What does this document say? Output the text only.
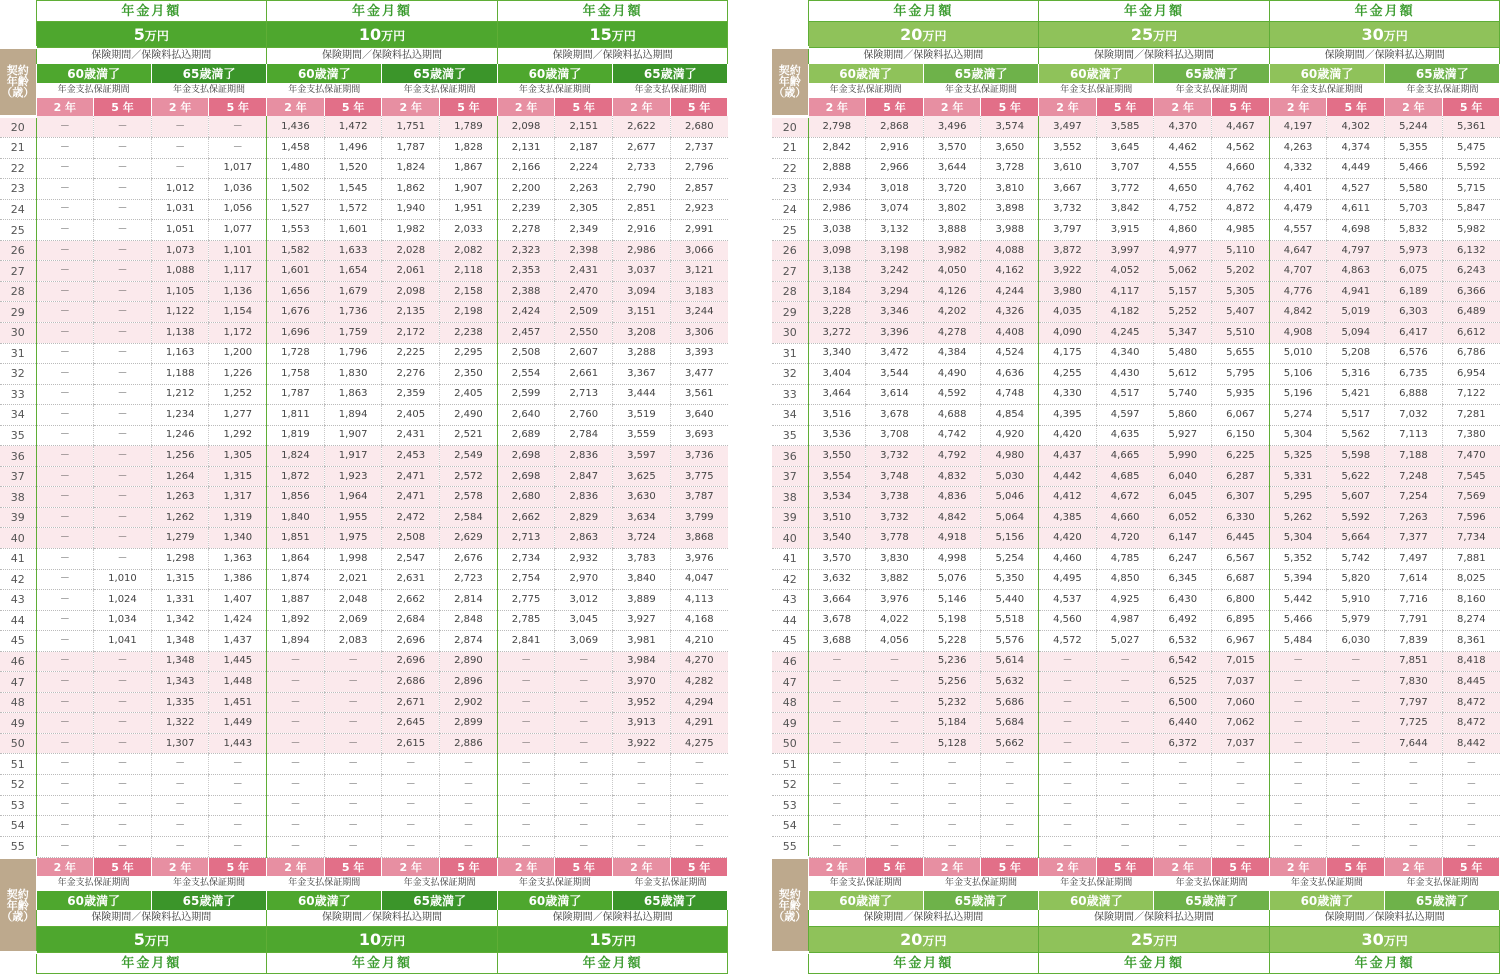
	年金月額				年金月額				年金月額			
	5万円				10万円				15万円			

契約
年齢
（歳）	保険期間／保険料払込期間				保険期間／保険料払込期間				保険期間／保険料払込期間			
	60歳満了		65歳満了		60歳満了		65歳満了		60歳満了		65歳満了	
	年金支払保証期間		年金支払保証期間		年金支払保証期間		年金支払保証期間		年金支払保証期間		年金支払保証期間	
	2 年	5 年	2 年	5 年	2 年	5 年	2 年	5 年	2 年	5 年	2 年	5 年
20	－	－	－	－	1,436	1,472	1,751	1,789	2,098	2,151	2,622	2,680
21	－	－	－	－	1,458	1,496	1,787	1,828	2,131	2,187	2,677	2,737
22	－	－	－	1,017	1,480	1,520	1,824	1,867	2,166	2,224	2,733	2,796
23	－	－	1,012	1,036	1,502	1,545	1,862	1,907	2,200	2,263	2,790	2,857
24	－	－	1,031	1,056	1,527	1,572	1,940	1,951	2,239	2,305	2,851	2,923
25	－	－	1,051	1,077	1,553	1,601	1,982	2,033	2,278	2,349	2,916	2,991
26	－	－	1,073	1,101	1,582	1,633	2,028	2,082	2,323	2,398	2,986	3,066
27	－	－	1,088	1,117	1,601	1,654	2,061	2,118	2,353	2,431	3,037	3,121
28	－	－	1,105	1,136	1,656	1,679	2,098	2,158	2,388	2,470	3,094	3,183
29	－	－	1,122	1,154	1,676	1,736	2,135	2,198	2,424	2,509	3,151	3,244
30	－	－	1,138	1,172	1,696	1,759	2,172	2,238	2,457	2,550	3,208	3,306
31	－	－	1,163	1,200	1,728	1,796	2,225	2,295	2,508	2,607	3,288	3,393
32	－	－	1,188	1,226	1,758	1,830	2,276	2,350	2,554	2,661	3,367	3,477
33	－	－	1,212	1,252	1,787	1,863	2,359	2,405	2,599	2,713	3,444	3,561
34	－	－	1,234	1,277	1,811	1,894	2,405	2,490	2,640	2,760	3,519	3,640
35	－	－	1,246	1,292	1,819	1,907	2,431	2,521	2,689	2,784	3,559	3,693
36	－	－	1,256	1,305	1,824	1,917	2,453	2,549	2,698	2,836	3,597	3,736
37	－	－	1,264	1,315	1,872	1,923	2,471	2,572	2,698	2,847	3,625	3,775
38	－	－	1,263	1,317	1,856	1,964	2,471	2,578	2,680	2,836	3,630	3,787
39	－	－	1,262	1,319	1,840	1,955	2,472	2,584	2,662	2,829	3,634	3,799
40	－	－	1,279	1,340	1,851	1,975	2,508	2,629	2,713	2,863	3,724	3,868
41	－	－	1,298	1,363	1,864	1,998	2,547	2,676	2,734	2,932	3,783	3,976
42	－	1,010	1,315	1,386	1,874	2,021	2,631	2,723	2,754	2,970	3,840	4,047
43	－	1,024	1,331	1,407	1,887	2,048	2,662	2,814	2,775	3,012	3,889	4,113
44	－	1,034	1,342	1,424	1,892	2,069	2,684	2,848	2,785	3,045	3,927	4,168
45	－	1,041	1,348	1,437	1,894	2,083	2,696	2,874	2,841	3,069	3,981	4,210
46	－	－	1,348	1,445	－	－	2,696	2,890	－	－	3,984	4,270
47	－	－	1,343	1,448	－	－	2,686	2,896	－	－	3,970	4,282
48	－	－	1,335	1,451	－	－	2,671	2,902	－	－	3,952	4,294
49	－	－	1,322	1,449	－	－	2,645	2,899	－	－	3,913	4,291
50	－	－	1,307	1,443	－	－	2,615	2,886	－	－	3,922	4,275
51	－	－	－	－	－	－	－	－	－	－	－	－
52	－	－	－	－	－	－	－	－	－	－	－	－
53	－	－	－	－	－	－	－	－	－	－	－	－
54	－	－	－	－	－	－	－	－	－	－	－	－
55	－	－	－	－	－	－	－	－	－	－	－	－

契約
年齢
（歳）	2 年	5 年	2 年	5 年	2 年	5 年	2 年	5 年	2 年	5 年	2 年	5 年
	年金支払保証期間		年金支払保証期間		年金支払保証期間		年金支払保証期間		年金支払保証期間		年金支払保証期間	
	60歳満了		65歳満了		60歳満了		65歳満了		60歳満了		65歳満了	
	保険期間／保険料払込期間				保険期間／保険料払込期間				保険期間／保険料払込期間			
	5万円				10万円				15万円			
	年金月額				年金月額				年金月額			
	年金月額				年金月額				年金月額			
	20万円				25万円				30万円			

契約
年齢
（歳）	保険期間／保険料払込期間				保険期間／保険料払込期間				保険期間／保険料払込期間			
	60歳満了		65歳満了		60歳満了		65歳満了		60歳満了		65歳満了	
	年金支払保証期間		年金支払保証期間		年金支払保証期間		年金支払保証期間		年金支払保証期間		年金支払保証期間	
	2 年	5 年	2 年	5 年	2 年	5 年	2 年	5 年	2 年	5 年	2 年	5 年
20	2,798	2,868	3,496	3,574	3,497	3,585	4,370	4,467	4,197	4,302	5,244	5,361
21	2,842	2,916	3,570	3,650	3,552	3,645	4,462	4,562	4,263	4,374	5,355	5,475
22	2,888	2,966	3,644	3,728	3,610	3,707	4,555	4,660	4,332	4,449	5,466	5,592
23	2,934	3,018	3,720	3,810	3,667	3,772	4,650	4,762	4,401	4,527	5,580	5,715
24	2,986	3,074	3,802	3,898	3,732	3,842	4,752	4,872	4,479	4,611	5,703	5,847
25	3,038	3,132	3,888	3,988	3,797	3,915	4,860	4,985	4,557	4,698	5,832	5,982
26	3,098	3,198	3,982	4,088	3,872	3,997	4,977	5,110	4,647	4,797	5,973	6,132
27	3,138	3,242	4,050	4,162	3,922	4,052	5,062	5,202	4,707	4,863	6,075	6,243
28	3,184	3,294	4,126	4,244	3,980	4,117	5,157	5,305	4,776	4,941	6,189	6,366
29	3,228	3,346	4,202	4,326	4,035	4,182	5,252	5,407	4,842	5,019	6,303	6,489
30	3,272	3,396	4,278	4,408	4,090	4,245	5,347	5,510	4,908	5,094	6,417	6,612
31	3,340	3,472	4,384	4,524	4,175	4,340	5,480	5,655	5,010	5,208	6,576	6,786
32	3,404	3,544	4,490	4,636	4,255	4,430	5,612	5,795	5,106	5,316	6,735	6,954
33	3,464	3,614	4,592	4,748	4,330	4,517	5,740	5,935	5,196	5,421	6,888	7,122
34	3,516	3,678	4,688	4,854	4,395	4,597	5,860	6,067	5,274	5,517	7,032	7,281
35	3,536	3,708	4,742	4,920	4,420	4,635	5,927	6,150	5,304	5,562	7,113	7,380
36	3,550	3,732	4,792	4,980	4,437	4,665	5,990	6,225	5,325	5,598	7,188	7,470
37	3,554	3,748	4,832	5,030	4,442	4,685	6,040	6,287	5,331	5,622	7,248	7,545
38	3,534	3,738	4,836	5,046	4,412	4,672	6,045	6,307	5,295	5,607	7,254	7,569
39	3,510	3,732	4,842	5,064	4,385	4,660	6,052	6,330	5,262	5,592	7,263	7,596
40	3,540	3,778	4,918	5,156	4,420	4,720	6,147	6,445	5,304	5,664	7,377	7,734
41	3,570	3,830	4,998	5,254	4,460	4,785	6,247	6,567	5,352	5,742	7,497	7,881
42	3,632	3,882	5,076	5,350	4,495	4,850	6,345	6,687	5,394	5,820	7,614	8,025
43	3,664	3,976	5,146	5,440	4,537	4,925	6,430	6,800	5,442	5,910	7,716	8,160
44	3,678	4,022	5,198	5,518	4,560	4,987	6,492	6,895	5,466	5,979	7,791	8,274
45	3,688	4,056	5,228	5,576	4,572	5,027	6,532	6,967	5,484	6,030	7,839	8,361
46	－	－	5,236	5,614	－	－	6,542	7,015	－	－	7,851	8,418
47	－	－	5,256	5,632	－	－	6,525	7,037	－	－	7,830	8,445
48	－	－	5,232	5,686	－	－	6,500	7,060	－	－	7,797	8,472
49	－	－	5,184	5,684	－	－	6,440	7,062	－	－	7,725	8,472
50	－	－	5,128	5,662	－	－	6,372	7,037	－	－	7,644	8,442
51	－	－	－	－	－	－	－	－	－	－	－	－
52	－	－	－	－	－	－	－	－	－	－	－	－
53	－	－	－	－	－	－	－	－	－	－	－	－
54	－	－	－	－	－	－	－	－	－	－	－	－
55	－	－	－	－	－	－	－	－	－	－	－	－

契約
年齢
（歳）	2 年	5 年	2 年	5 年	2 年	5 年	2 年	5 年	2 年	5 年	2 年	5 年
	年金支払保証期間		年金支払保証期間		年金支払保証期間		年金支払保証期間		年金支払保証期間		年金支払保証期間	
	60歳満了		65歳満了		60歳満了		65歳満了		60歳満了		65歳満了	
	保険期間／保険料払込期間				保険期間／保険料払込期間				保険期間／保険料払込期間			
	20万円				25万円				30万円			
	年金月額				年金月額				年金月額			
